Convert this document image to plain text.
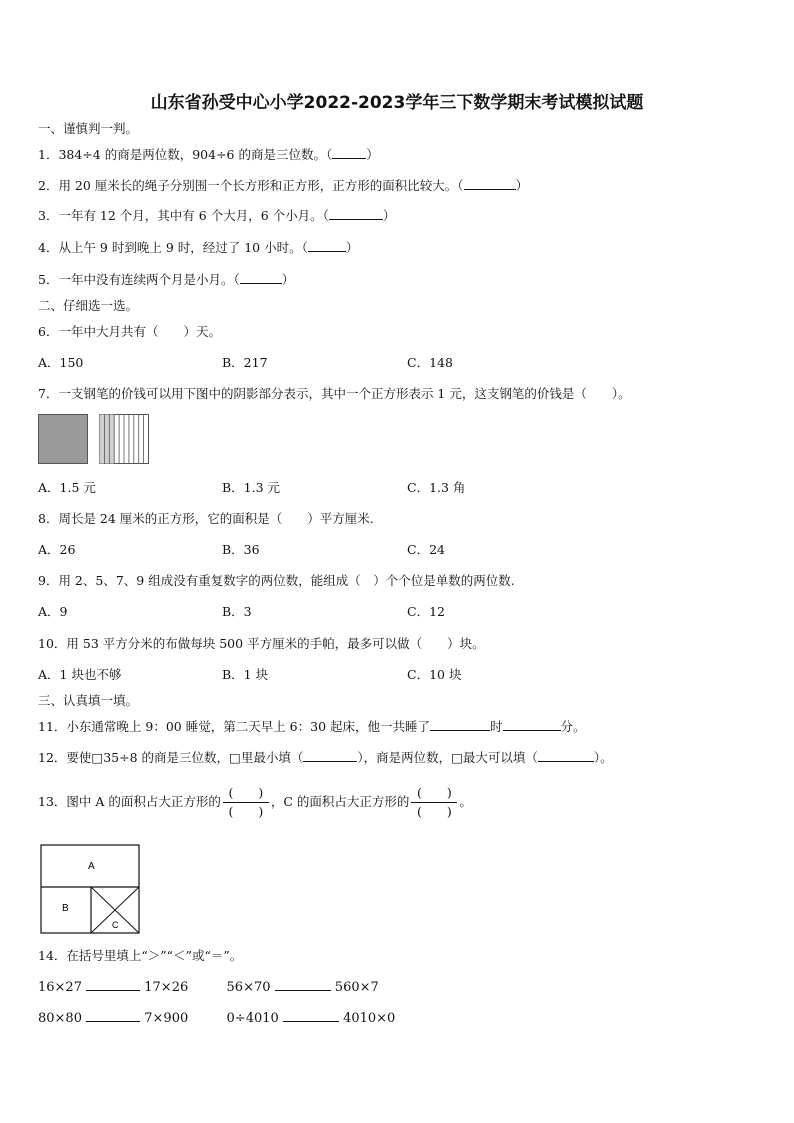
山东省孙受中心小学2022-2023学年三下数学期末考试模拟试题
一、谨慎判一判。
1．384÷4 的商是两位数，904÷6 的商是三位数。（	）
2．用 20 厘米长的绳子分别围一个长方形和正方形，正方形的面积比较大。（	）
3．一年有 12 个月，其中有 6 个大月，6 个小月。（	）
4．从上午 9 时到晚上 9 时，经过了 10 小时。（	）
5．一年中没有连续两个月是小月。（	）
二、仔细选一选。
6．一年中大月共有（　　）天。
A．150	B．217	C．148
7．一支钢笔的价钱可以用下图中的阴影部分表示，其中一个正方形表示 1 元，这支钢笔的价钱是（　　）。
A．1.5 元	B．1.3 元	C．1.3 角
8．周长是 24 厘米的正方形，它的面积是（　　）平方厘米.
A．26	B．36	C．24
9．用 2、5、7、9 组成没有重复数字的两位数，能组成（　）个个位是单数的两位数.
A．9	B．3	C．12
10．用 53 平方分米的布做每块 500 平方厘米的手帕，最多可以做（　　）块。
A．1 块也不够	B．1 块	C．10 块
三、认真填一填。
11．小东通常晚上 9：00 睡觉，第二天早上 6：30 起床，他一共睡了	时	分。
12．要使□35÷8 的商是三位数，□里最小填（	），商是两位数，□最大可以填（	）。
13．图中 A 的面积占大正方形的 $\frac{( )}{( )}$ ，C 的面积占大正方形的 $\frac{( )}{( )}$ 。
A
B
C
14．在括号里填上“＞”“＜”或“＝”。
16×27	17×26	56×70	560×7
80×80	7×900	0÷4010	4010×0
